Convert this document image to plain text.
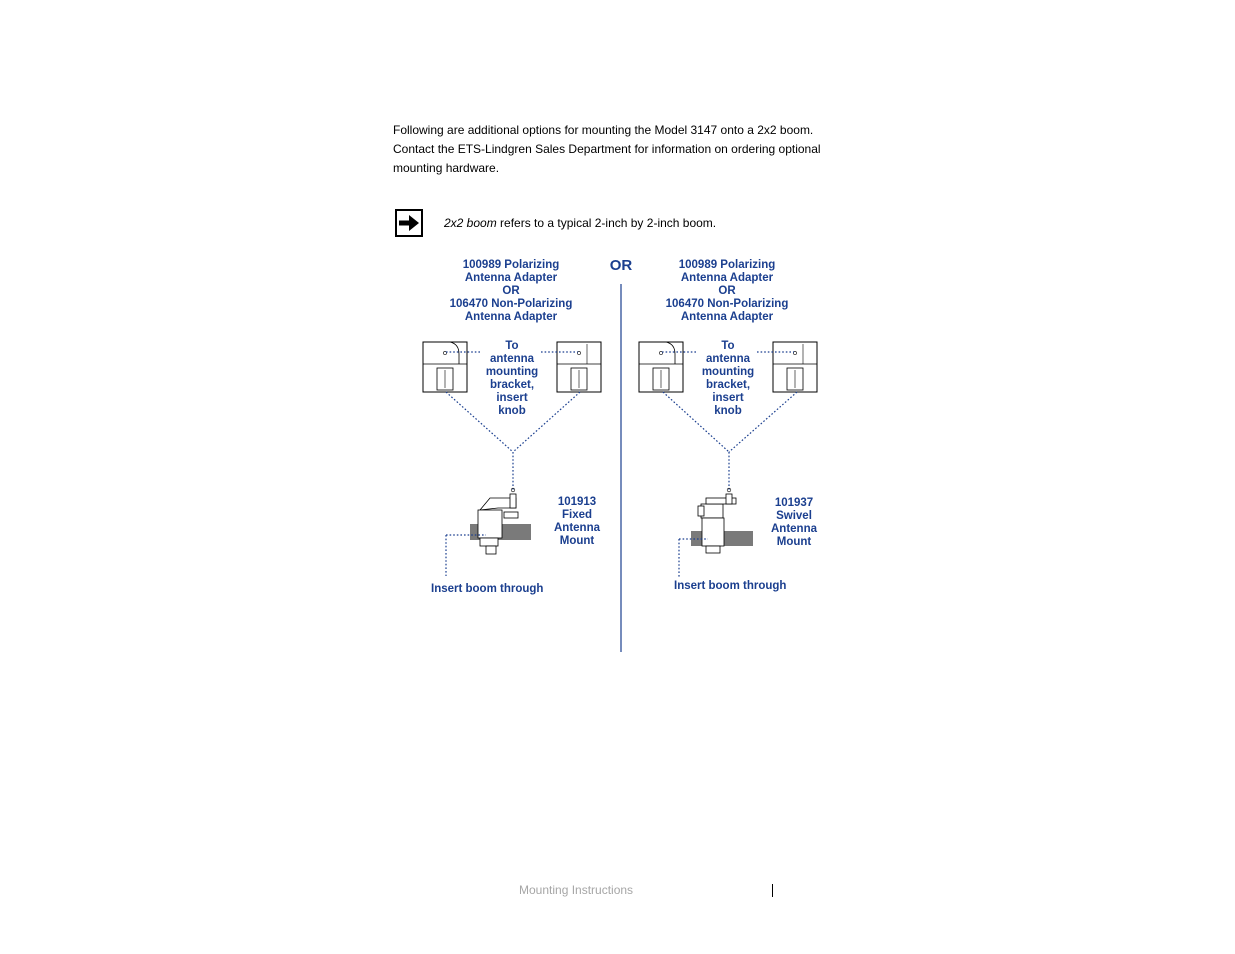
Following are additional options for mounting the Model 3147 onto a 2x2 boom.
Contact the ETS-Lindgren Sales Department for information on ordering optional
mounting hardware.

2x2 boom refers to a typical 2-inch by 2-inch boom.

OR
100989 Polarizing
Antenna Adapter
OR
106470 Non-Polarizing
Antenna Adapter
To
antenna
mounting
bracket,
insert
knob
101913
Fixed
Antenna
Mount
Insert boom through
100989 Polarizing
Antenna Adapter
OR
106470 Non-Polarizing
Antenna Adapter
To
antenna
mounting
bracket,
insert
knob
101937
Swivel
Antenna
Mount
Insert boom through

Mounting Instructions
